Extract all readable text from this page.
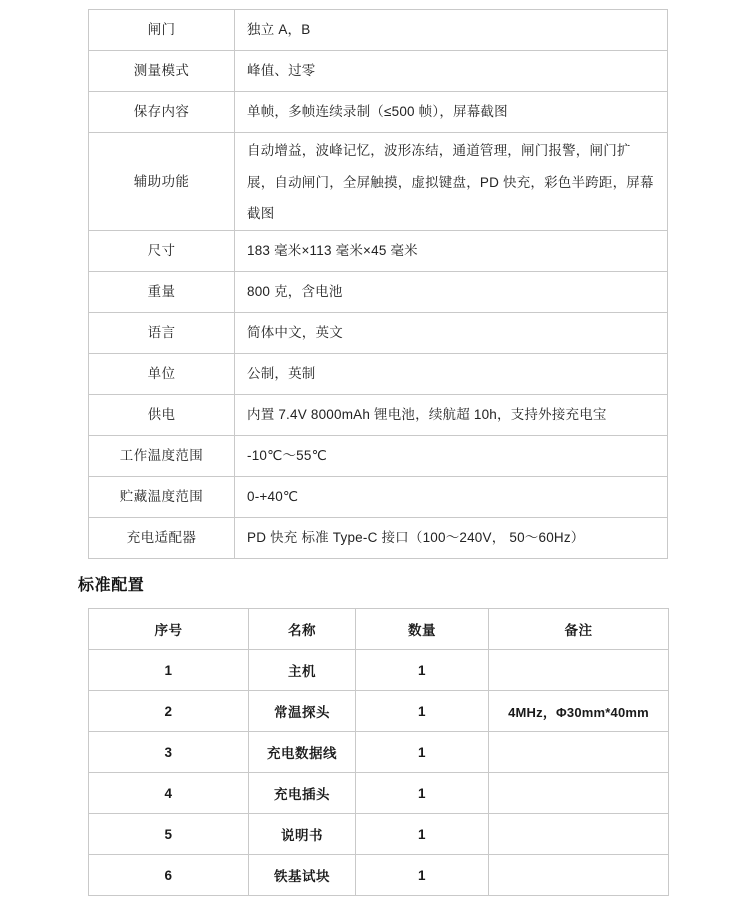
闸门	独立 A，B
测量模式	峰值、过零
保存内容	单帧，多帧连续录制（≤500 帧），屏幕截图
辅助功能	自动增益，波峰记忆，波形冻结，通道管理，闸门报警，闸门扩展，自动闸门，全屏触摸，虚拟键盘，PD 快充，彩色半跨距，屏幕截图
尺寸	183 毫米×113 毫米×45 毫米
重量	800 克，含电池
语言	简体中文，英文
单位	公制，英制
供电	内置 7.4V 8000mAh 锂电池，续航超 10h，支持外接充电宝
工作温度范围	-10℃～55℃
贮藏温度范围	0-+40℃
充电适配器	PD 快充 标准 Type-C 接口（100～240V， 50～60Hz）
标准配置
序号	名称	数量	备注
1	主机	1	
2	常温探头	1	4MHz，Φ30mm*40mm
3	充电数据线	1	
4	充电插头	1	
5	说明书	1	
6	铁基试块	1	
